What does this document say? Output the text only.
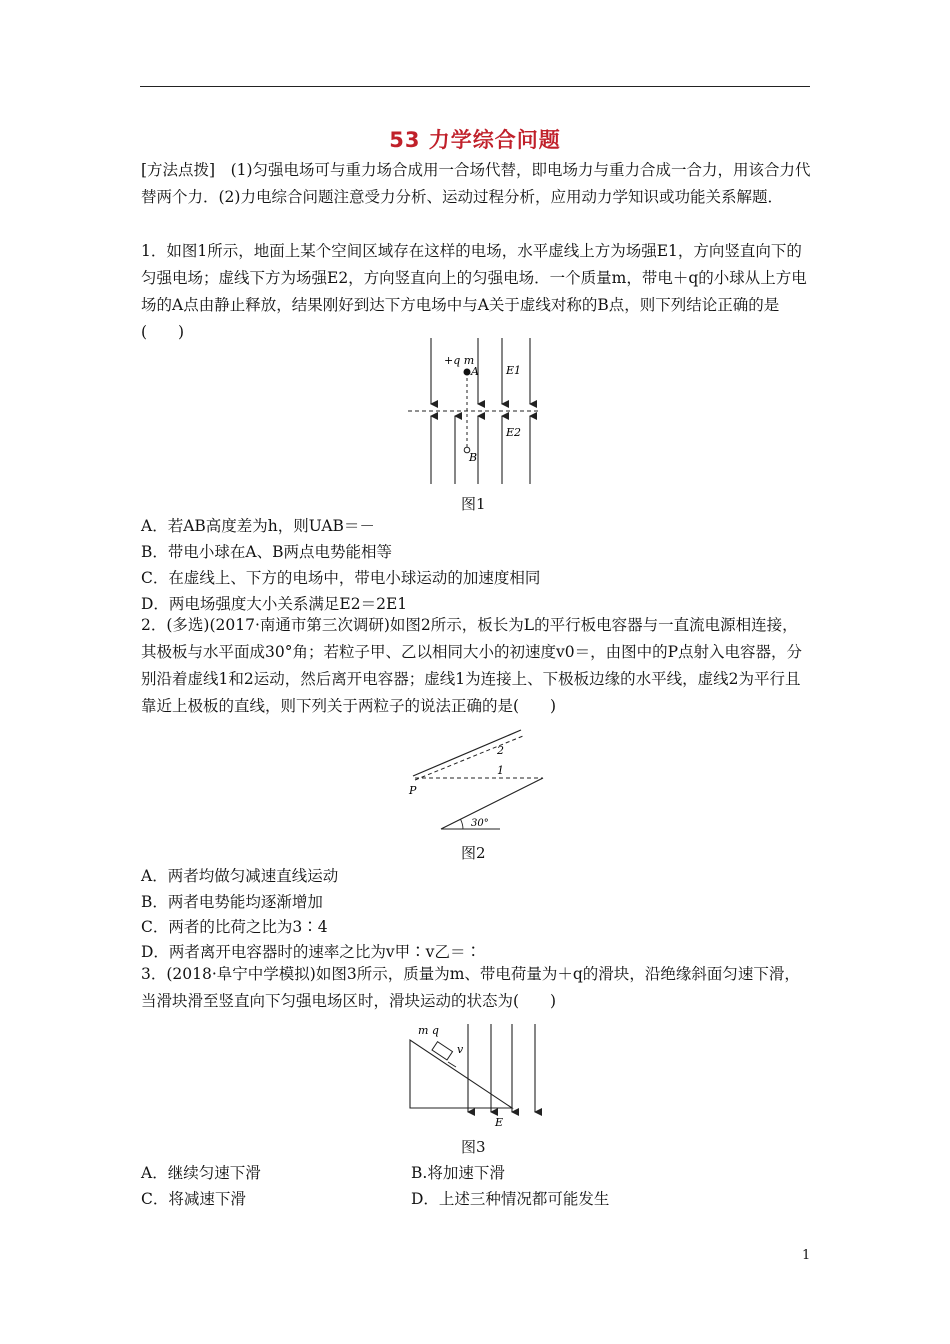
53 力学综合问题

[方法点拨]　(1)匀强电场可与重力场合成用一合场代替，即电场力与重力合成一合力，用该合力代替两个力．(2)力电综合问题注意受力分析、运动过程分析，应用动力学知识或功能关系解题．

1．如图1所示，地面上某个空间区域存在这样的电场，水平虚线上方为场强E1，方向竖直向下的匀强电场；虚线下方为场强E2，方向竖直向上的匀强电场．一个质量m，带电＋q的小球从上方电场的A点由静止释放，结果刚好到达下方电场中与A关于虚线对称的B点，则下列结论正确的是(　　)

+q m
A
B
E1
E2
图1
A．若AB高度差为h，则UAB＝－
B．带电小球在A、B两点电势能相等
C．在虚线上、下方的电场中，带电小球运动的加速度相同
D．两电场强度大小关系满足E2＝2E1

2．(多选)(2017·南通市第三次调研)如图2所示，板长为L的平行板电容器与一直流电源相连接，其极板与水平面成30°角；若粒子甲、乙以相同大小的初速度v0＝，由图中的P点射入电容器，分别沿着虚线1和2运动，然后离开电容器；虚线1为连接上、下极板边缘的水平线，虚线2为平行且靠近上极板的直线，则下列关于两粒子的说法正确的是(　　)

P
1
2
30°
图2
A．两者均做匀减速直线运动
B．两者电势能均逐渐增加
C．两者的比荷之比为3∶4
D．两者离开电容器时的速率之比为v甲∶v乙＝∶

3．(2018·阜宁中学模拟)如图3所示，质量为m、带电荷量为＋q的滑块，沿绝缘斜面匀速下滑，当滑块滑至竖直向下匀强电场区时，滑块运动的状态为(　　)

m q
v
E
图3
A．继续匀速下滑	B.将加速下滑
C．将减速下滑	D．上述三种情况都可能发生
1
